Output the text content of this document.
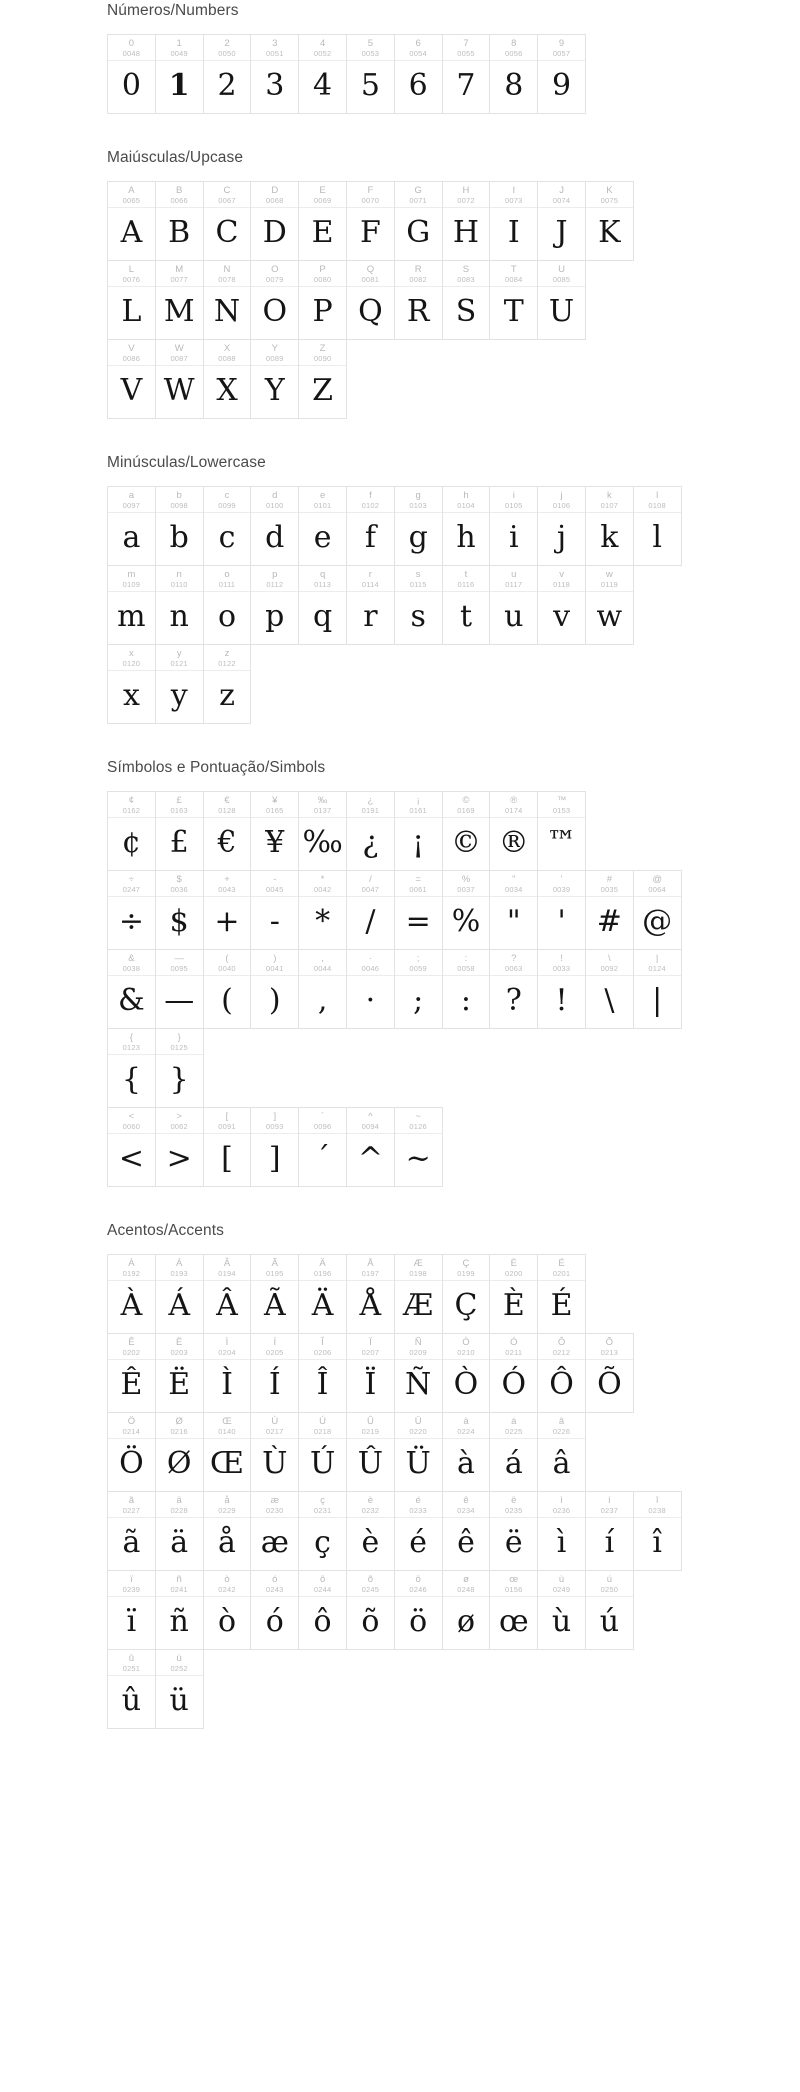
Números/Numbers
0
0048
0
1
0049
1
2
0050
2
3
0051
3
4
0052
4
5
0053
5
6
0054
6
7
0055
7
8
0056
8
9
0057
9
Maiúsculas/Upcase
A
0065
A
B
0066
B
C
0067
C
D
0068
D
E
0069
E
F
0070
F
G
0071
G
H
0072
H
I
0073
I
J
0074
J
K
0075
K
L
0076
L
M
0077
M
N
0078
N
O
0079
O
P
0080
P
Q
0081
Q
R
0082
R
S
0083
S
T
0084
T
U
0085
U
V
0086
V
W
0087
W
X
0088
X
Y
0089
Y
Z
0090
Z
Minúsculas/Lowercase
a
0097
a
b
0098
b
c
0099
c
d
0100
d
e
0101
e
f
0102
f
g
0103
g
h
0104
h
i
0105
i
j
0106
j
k
0107
k
l
0108
l
m
0109
m
n
0110
n
o
0111
o
p
0112
p
q
0113
q
r
0114
r
s
0115
s
t
0116
t
u
0117
u
v
0118
v
w
0119
w
x
0120
x
y
0121
y
z
0122
z
Símbolos e Pontuação/Simbols
¢
0162
¢
£
0163
£
€
0128
€
¥
0165
¥
‰
0137
‰
¿
0191
¿
¡
0161
¡
©
0169
©
®
0174
®
™
0153
™
÷
0247
÷
$
0036
$
+
0043
+
-
0045
-
*
0042
*
/
0047
/
=
0061
=
%
0037
%
"
0034
"
'
0039
'
#
0035
#
@
0064
@
&
0038
&
—
0095
—
(
0040
(
)
0041
)
,
0044
,
·
0046
·
;
0059
;
:
0058
:
?
0063
?
!
0033
!
\
0092
\
|
0124
|
{
0123
{
}
0125
}
<
0060
<
>
0062
>
[
0091
[
]
0093
]
´
0096
´
^
0094
^
~
0126
~
Acentos/Accents
À
0192
À
Á
0193
Á
Â
0194
Â
Ã
0195
Ã
Ä
0196
Ä
Å
0197
Å
Æ
0198
Æ
Ç
0199
Ç
È
0200
È
É
0201
É
Ê
0202
Ê
Ë
0203
Ë
Ì
0204
Ì
Í
0205
Í
Î
0206
Î
Ï
0207
Ï
Ñ
0209
Ñ
Ò
0210
Ò
Ó
0211
Ó
Ô
0212
Ô
Õ
0213
Õ
Ö
0214
Ö
Ø
0216
Ø
Œ
0140
Œ
Ù
0217
Ù
Ú
0218
Ú
Û
0219
Û
Ü
0220
Ü
à
0224
à
á
0225
á
â
0226
â
ã
0227
ã
ä
0228
ä
å
0229
å
æ
0230
æ
ç
0231
ç
è
0232
è
é
0233
é
ê
0234
ê
ë
0235
ë
ì
0236
ì
í
0237
í
î
0238
î
ï
0239
ï
ñ
0241
ñ
ò
0242
ò
ó
0243
ó
ô
0244
ô
õ
0245
õ
ö
0246
ö
ø
0248
ø
œ
0156
œ
ù
0249
ù
ú
0250
ú
û
0251
û
ü
0252
ü
